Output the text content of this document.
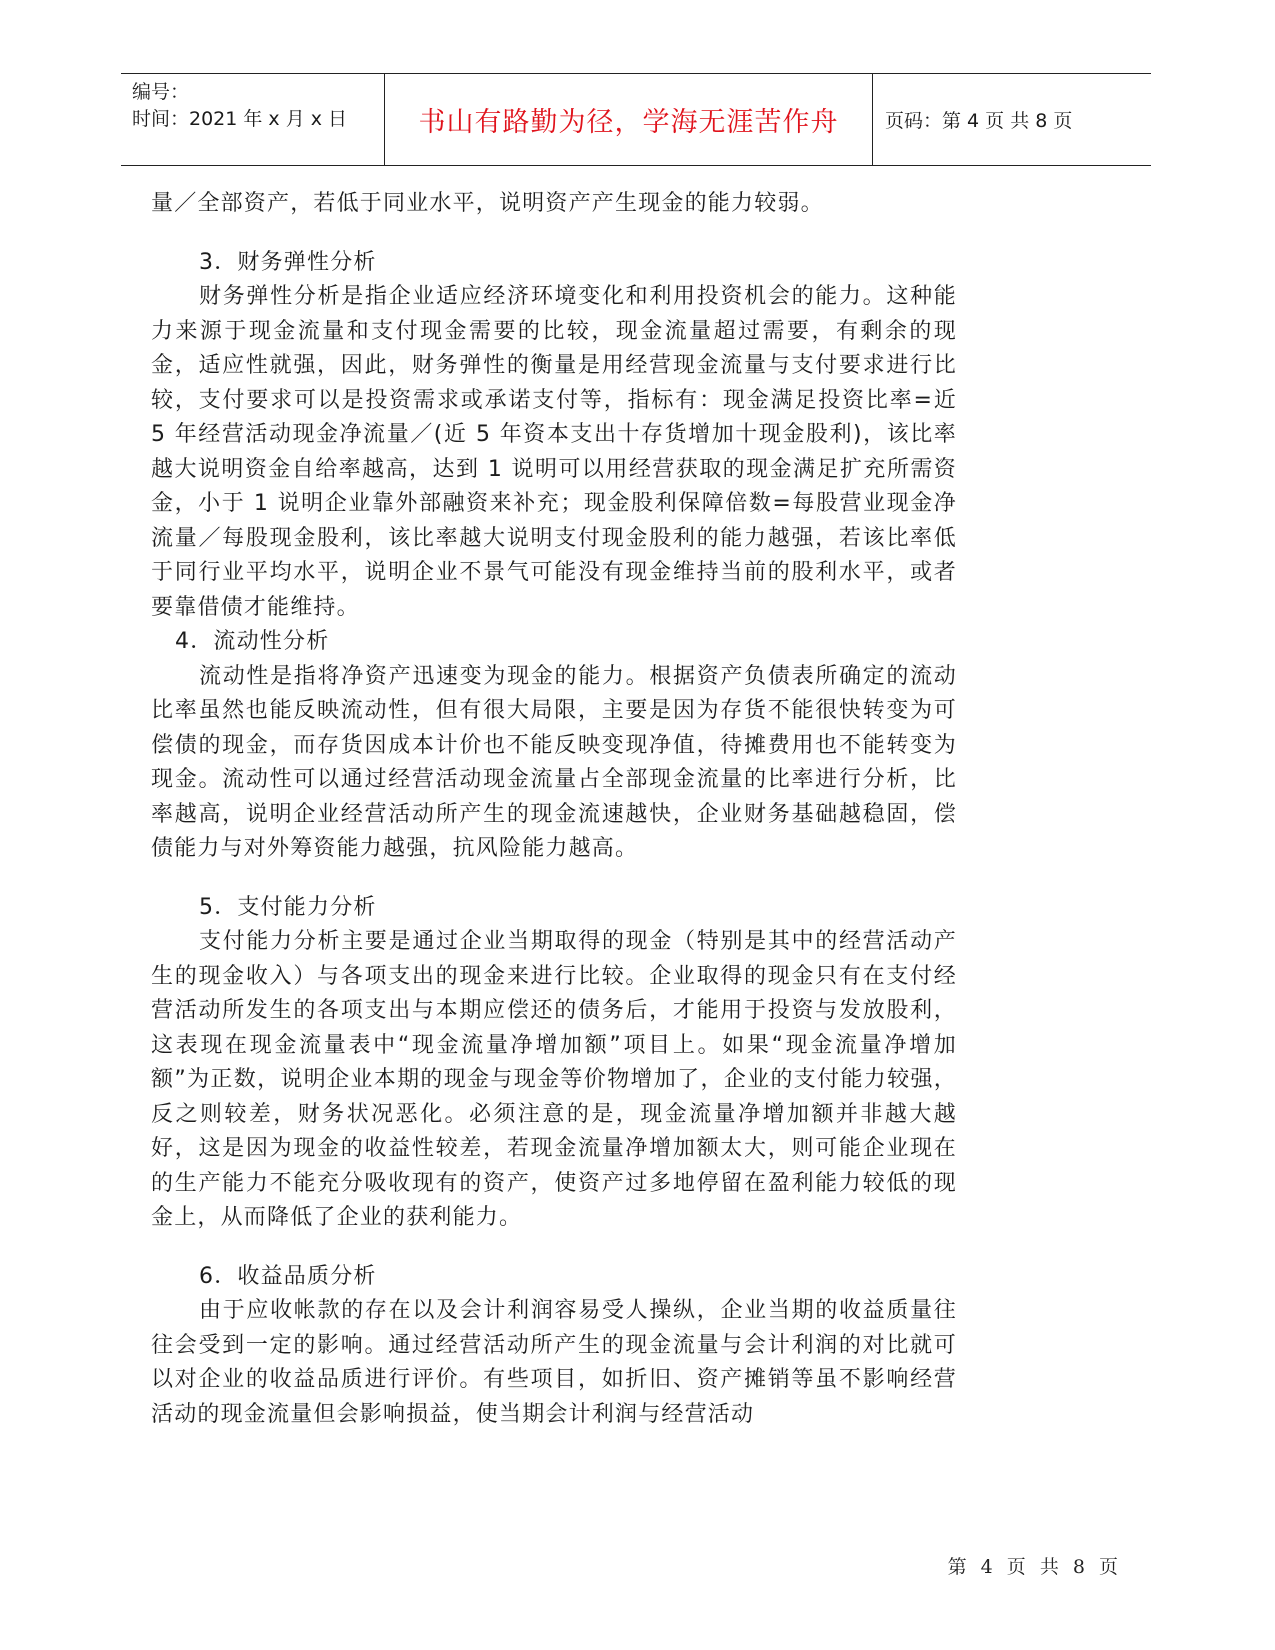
编号：
时间：2021 年 x 月 x 日	书山有路勤为径，学海无涯苦作舟 页码：第 4 页 共 8 页

量／全部资产，若低于同业水平，说明资产产生现金的能力较弱。

3．财务弹性分析

财务弹性分析是指企业适应经济环境变化和利用投资机会的能力。这种能力来源于现金流量和支付现金需要的比较，现金流量超过需要，有剩余的现金，适应性就强，因此，财务弹性的衡量是用经营现金流量与支付要求进行比较，支付要求可以是投资需求或承诺支付等，指标有：现金满足投资比率=近 5 年经营活动现金净流量／(近 5 年资本支出十存货增加十现金股利)，该比率越大说明资金自给率越高，达到 1 说明可以用经营获取的现金满足扩充所需资金，小于 1 说明企业靠外部融资来补充；现金股利保障倍数=每股营业现金净流量／每股现金股利，该比率越大说明支付现金股利的能力越强，若该比率低于同行业平均水平，说明企业不景气可能没有现金维持当前的股利水平，或者要靠借债才能维持。

4．流动性分析

流动性是指将净资产迅速变为现金的能力。根据资产负债表所确定的流动比率虽然也能反映流动性，但有很大局限，主要是因为存货不能很快转变为可偿债的现金，而存货因成本计价也不能反映变现净值，待摊费用也不能转变为现金。流动性可以通过经营活动现金流量占全部现金流量的比率进行分析，比率越高，说明企业经营活动所产生的现金流速越快，企业财务基础越稳固，偿债能力与对外筹资能力越强，抗风险能力越高。

5．支付能力分析

支付能力分析主要是通过企业当期取得的现金（特别是其中的经营活动产生的现金收入）与各项支出的现金来进行比较。企业取得的现金只有在支付经营活动所发生的各项支出与本期应偿还的债务后，才能用于投资与发放股利，这表现在现金流量表中“现金流量净增加额”项目上。如果“现金流量净增加额”为正数，说明企业本期的现金与现金等价物增加了，企业的支付能力较强，反之则较差，财务状况恶化。必须注意的是，现金流量净增加额并非越大越好，这是因为现金的收益性较差，若现金流量净增加额太大，则可能企业现在的生产能力不能充分吸收现有的资产，使资产过多地停留在盈利能力较低的现金上，从而降低了企业的获利能力。

6．收益品质分析

由于应收帐款的存在以及会计利润容易受人操纵，企业当期的收益质量往往会受到一定的影响。通过经营活动所产生的现金流量与会计利润的对比就可以对企业的收益品质进行评价。有些项目，如折旧、资产摊销等虽不影响经营活动的现金流量但会影响损益，使当期会计利润与经营活动

第 4 页 共 8 页
